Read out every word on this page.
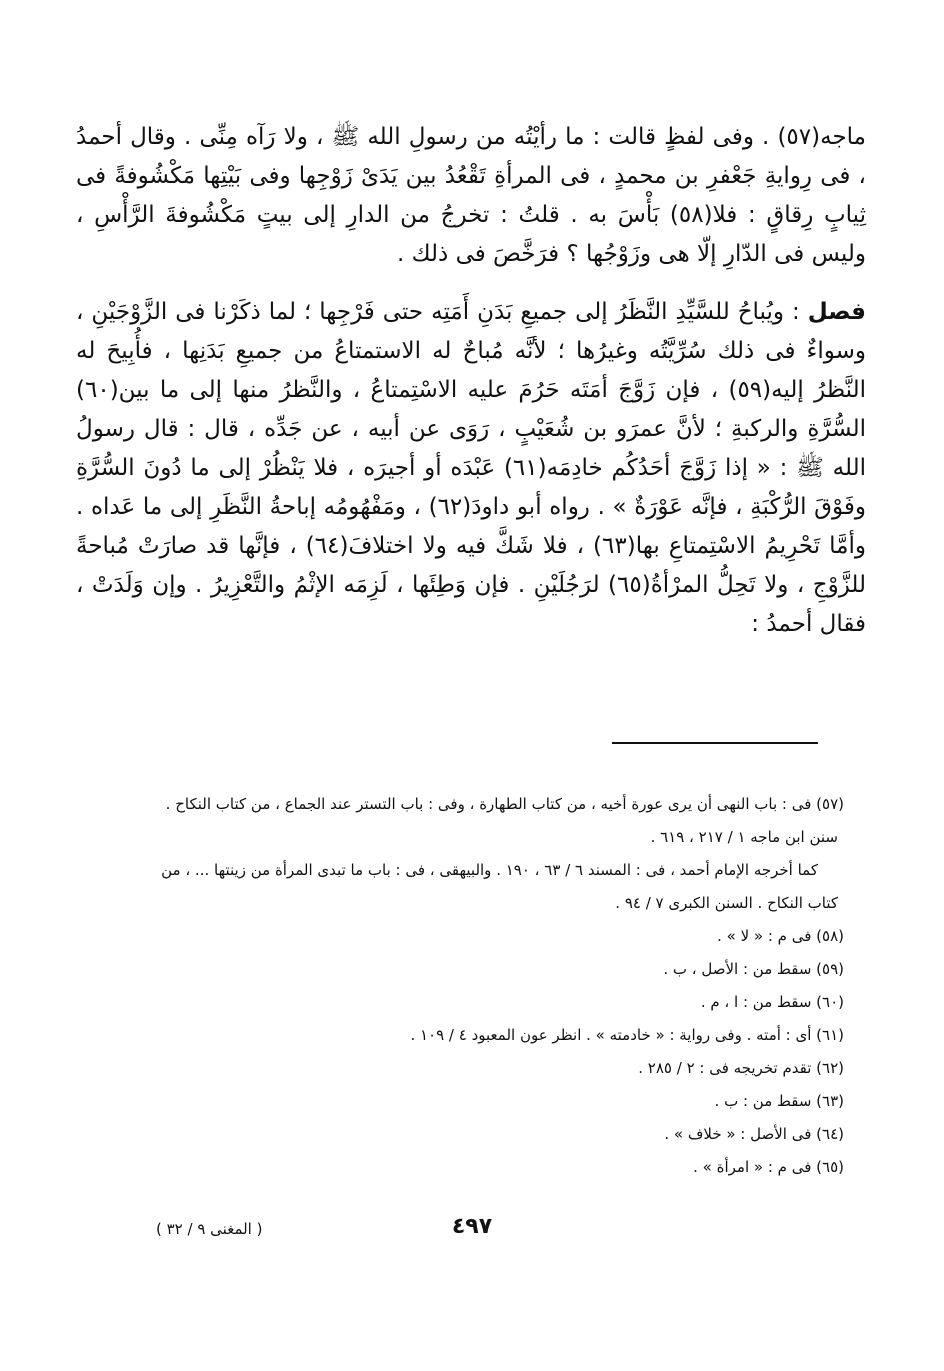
ماجه(٥٧) . وفى لفظٍ قالت : ما رأيْتُه من رسولِ الله ﷺ ، ولا رَآه مِنِّى . وقال أحمدُ ، فى رِوايةِ جَعْفرِ بن محمدٍ ، فى المرأةِ تَقْعُدُ بين يَدَىْ زَوْجِها وفى بَيْتِها مَكْشُوفةً فى ثِيابٍ رِقاقٍ : فلا(٥٨) بَأْسَ به . قلتُ : تخرجُ من الدارِ إلى بيتٍ مَكْشُوفةَ الرَّأْسِ ، وليس فى الدّارِ إلّا هى وزَوْجُها ؟ فرَخَّصَ فى ذلك .

فصل : ويُباحُ للسَّيِّدِ النَّظَرُ إلى جميعِ بَدَنِ أَمَتِه حتى فَرْجِها ؛ لما ذكَرْنا فى الزَّوْجَيْنِ ، وسواءٌ فى ذلك سُرِّيَّتُه وغيرُها ؛ لأنَّه مُباحٌ له الاستمتاعُ من جميعِ بَدَنِها ، فأُبِيحَ له النَّظرُ إليه(٥٩) ، فإن زَوَّجَ أمَتَه حَرُمَ عليه الاسْتِمتاعُ ، والنَّظرُ منها إلى ما بين(٦٠) السُّرَّةِ والركبةِ ؛ لأنَّ عمرَو بن شُعَيْبٍ ، رَوَى عن أبيه ، عن جَدِّه ، قال : قال رسولُ الله ﷺ : « إذا زَوَّجَ أحَدُكُم خادِمَه(٦١) عَبْدَه أو أجيرَه ، فلا يَنْظُرْ إلى ما دُونَ السُّرَّةِ وفَوْقَ الرُّكْبَةِ ، فإنَّه عَوْرَةٌ » . رواه أبو داودَ(٦٢) ، ومَفْهُومُه إباحةُ النَّظَرِ إلى ما عَداه . وأمَّا تَحْرِيمُ الاسْتِمتاعِ بها(٦٣) ، فلا شَكَّ فيه ولا اختلافَ(٦٤) ، فإنَّها قد صارَتْ مُباحةً للزَّوْجِ ، ولا تَحِلُّ المرْأةُ(٦٥) لرَجُلَيْنِ . فإن وَطِئَها ، لَزِمَه الإثْمُ والتَّعْزِيرُ . وإن وَلَدَتْ ، فقال أحمدُ :

(٥٧) فى : باب النهى أن يرى عورة أخيه ، من كتاب الطهارة ، وفى : باب التستر عند الجماع ، من كتاب النكاح .
سنن ابن ماجه ١ / ٢١٧ ، ٦١٩ .
كما أخرجه الإمام أحمد ، فى : المسند ٦ / ٦٣ ، ١٩٠ . والبيهقى ، فى : باب ما تبدى المرأة من زينتها ... ، من
كتاب النكاح . السنن الكبرى ٧ / ٩٤ .
(٥٨) فى م : « لا » .
(٥٩) سقط من : الأصل ، ب .
(٦٠) سقط من : ا ، م .
(٦١) أى : أمته . وفى رواية : « خادمته » . انظر عون المعبود ٤ / ١٠٩ .
(٦٢) تقدم تخريجه فى : ٢ / ٢٨٥ .
(٦٣) سقط من : ب .
(٦٤) فى الأصل : « خلاف » .
(٦٥) فى م : « امرأة » .
٤٩٧
( المغنى ٩ / ٣٢ )
